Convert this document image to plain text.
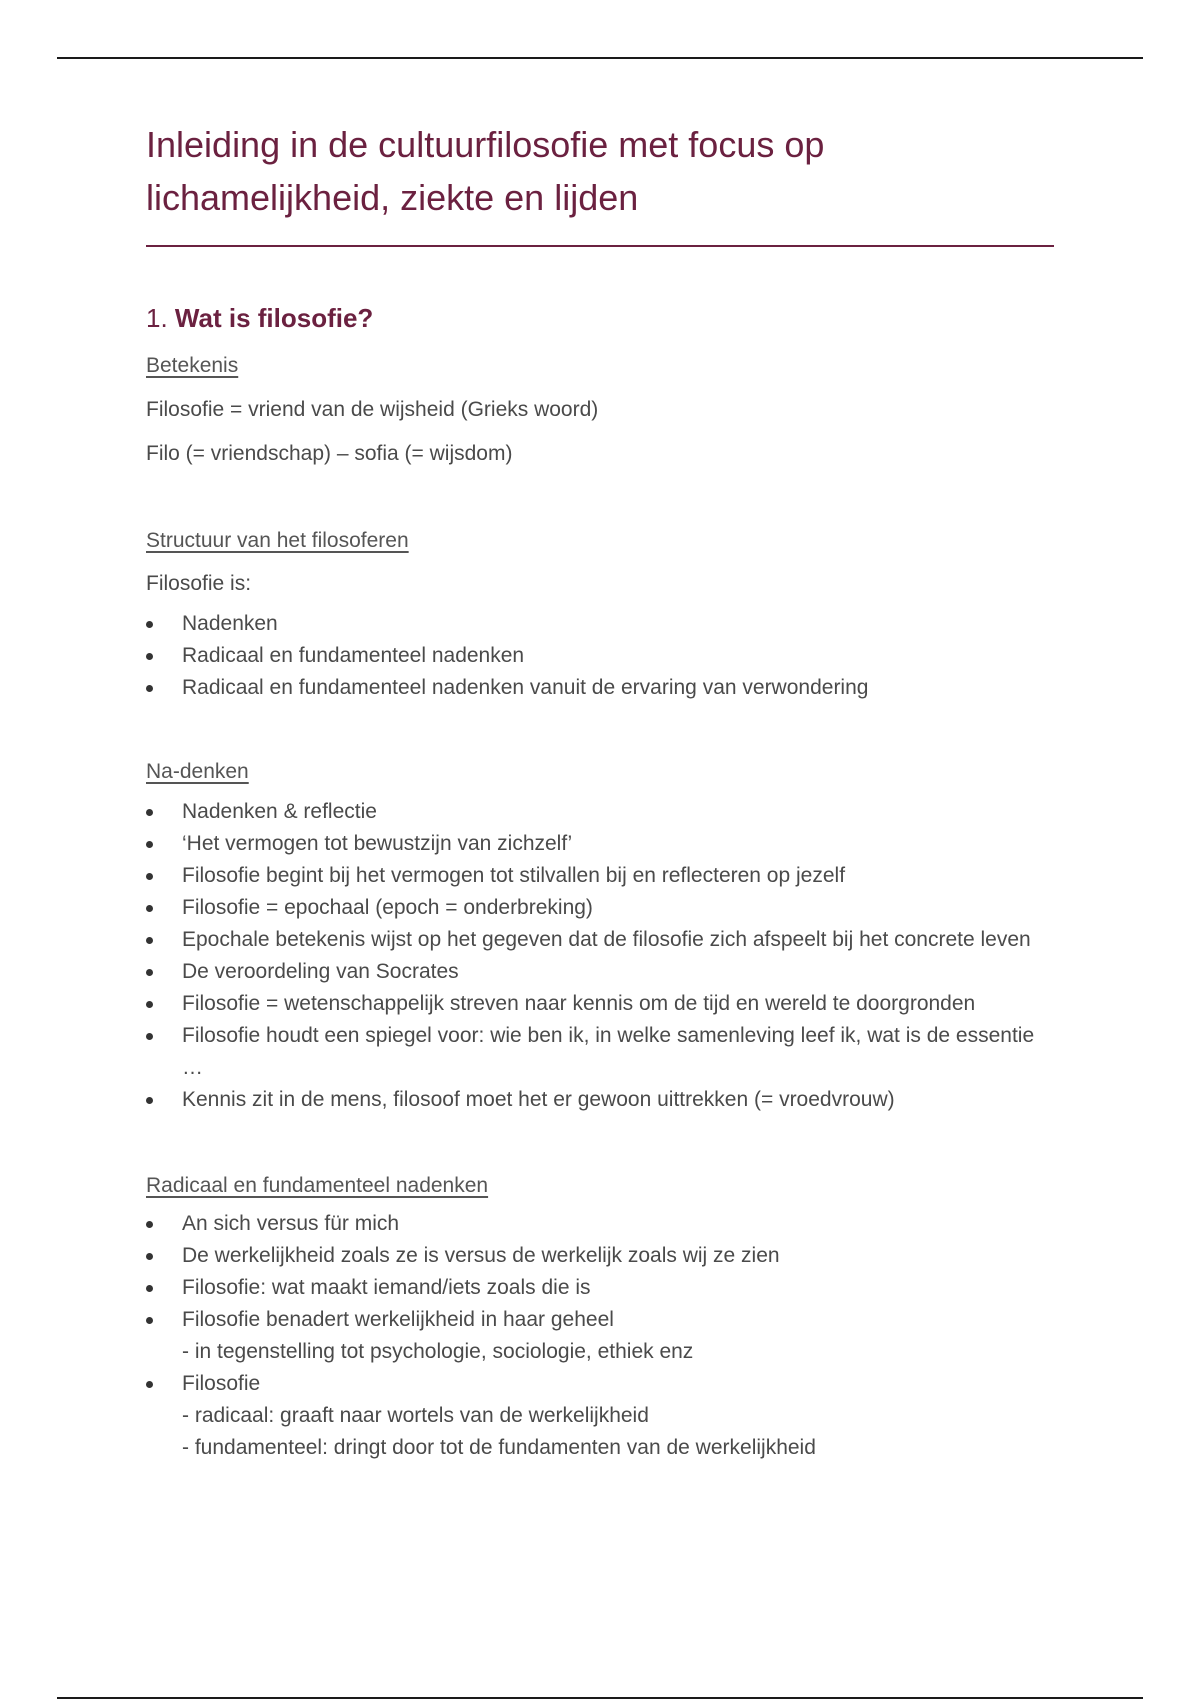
Inleiding in de cultuurfilosofie met focus op lichamelijkheid, ziekte en lijden
1. Wat is filosofie?

Betekenis

Filosofie = vriend van de wijsheid (Grieks woord)

Filo (= vriendschap) – sofia (= wijsdom)

Structuur van het filosoferen

Filosofie is:

Nadenken
Radicaal en fundamenteel nadenken
Radicaal en fundamenteel nadenken vanuit de ervaring van verwondering

Na-denken

Nadenken & reflectie
‘Het vermogen tot bewustzijn van zichzelf’
Filosofie begint bij het vermogen tot stilvallen bij en reflecteren op jezelf
Filosofie = epochaal (epoch = onderbreking)
Epochale betekenis wijst op het gegeven dat de filosofie zich afspeelt bij het concrete leven
De veroordeling van Socrates
Filosofie = wetenschappelijk streven naar kennis om de tijd en wereld te doorgronden
Filosofie houdt een spiegel voor: wie ben ik, in welke samenleving leef ik, wat is de essentie …
Kennis zit in de mens, filosoof moet het er gewoon uittrekken (= vroedvrouw)

Radicaal en fundamenteel nadenken

An sich versus für mich
De werkelijkheid zoals ze is versus de werkelijk zoals wij ze zien
Filosofie: wat maakt iemand/iets zoals die is
Filosofie benadert werkelijkheid in haar geheel
- in tegenstelling tot psychologie, sociologie, ethiek enz
Filosofie
- radicaal: graaft naar wortels van de werkelijkheid
- fundamenteel: dringt door tot de fundamenten van de werkelijkheid
